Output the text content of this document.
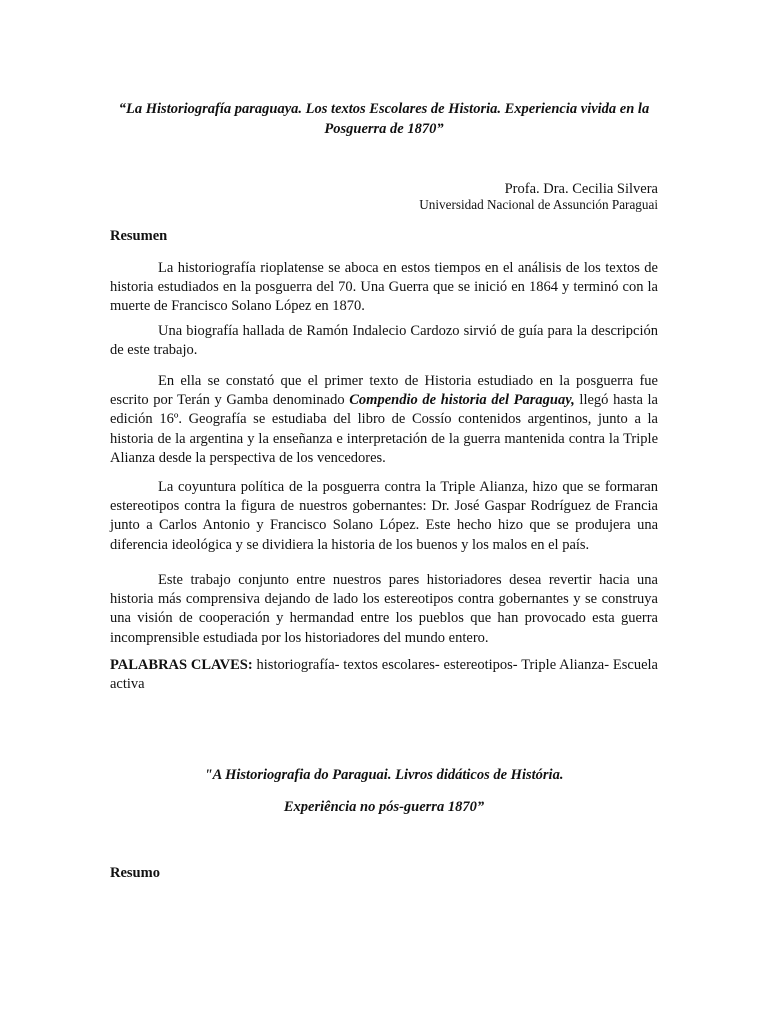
“La Historiografía paraguaya. Los textos Escolares de Historia. Experiencia vivida en la Posguerra de 1870”
Profa. Dra. Cecilia Silvera
Universidad Nacional de Assunción Paraguai
Resumen
La historiografía rioplatense se aboca en estos tiempos en el análisis de los textos de historia estudiados en la posguerra del 70. Una Guerra que se inició en 1864 y terminó con la muerte de Francisco Solano López en 1870.
Una biografía hallada de Ramón Indalecio Cardozo sirvió de guía para la descripción de este trabajo.
En ella se constató que el primer texto de Historia estudiado en la posguerra fue escrito por Terán y Gamba denominado Compendio de historia del Paraguay, llegó hasta la edición 16º. Geografía se estudiaba del libro de Cossío contenidos argentinos, junto a la historia de la argentina y la enseñanza e interpretación de la guerra mantenida contra la Triple Alianza desde la perspectiva de los vencedores.
La coyuntura política de la posguerra contra la Triple Alianza, hizo que se formaran estereotipos contra la figura de nuestros gobernantes: Dr. José Gaspar Rodríguez de Francia junto a Carlos Antonio y Francisco Solano López. Este hecho hizo que se produjera una diferencia ideológica y se dividiera la historia de los buenos y los malos en el país.
Este trabajo conjunto entre nuestros pares historiadores desea revertir hacia una historia más comprensiva dejando de lado los estereotipos contra gobernantes y se construya una visión de cooperación y hermandad entre los pueblos que han provocado esta guerra incomprensible estudiada por los historiadores del mundo entero.
PALABRAS CLAVES: historiografía- textos escolares- estereotipos- Triple Alianza- Escuela activa
"A Historiografia do Paraguai. Livros didáticos de História.
Experiência no pós-guerra 1870”
Resumo
